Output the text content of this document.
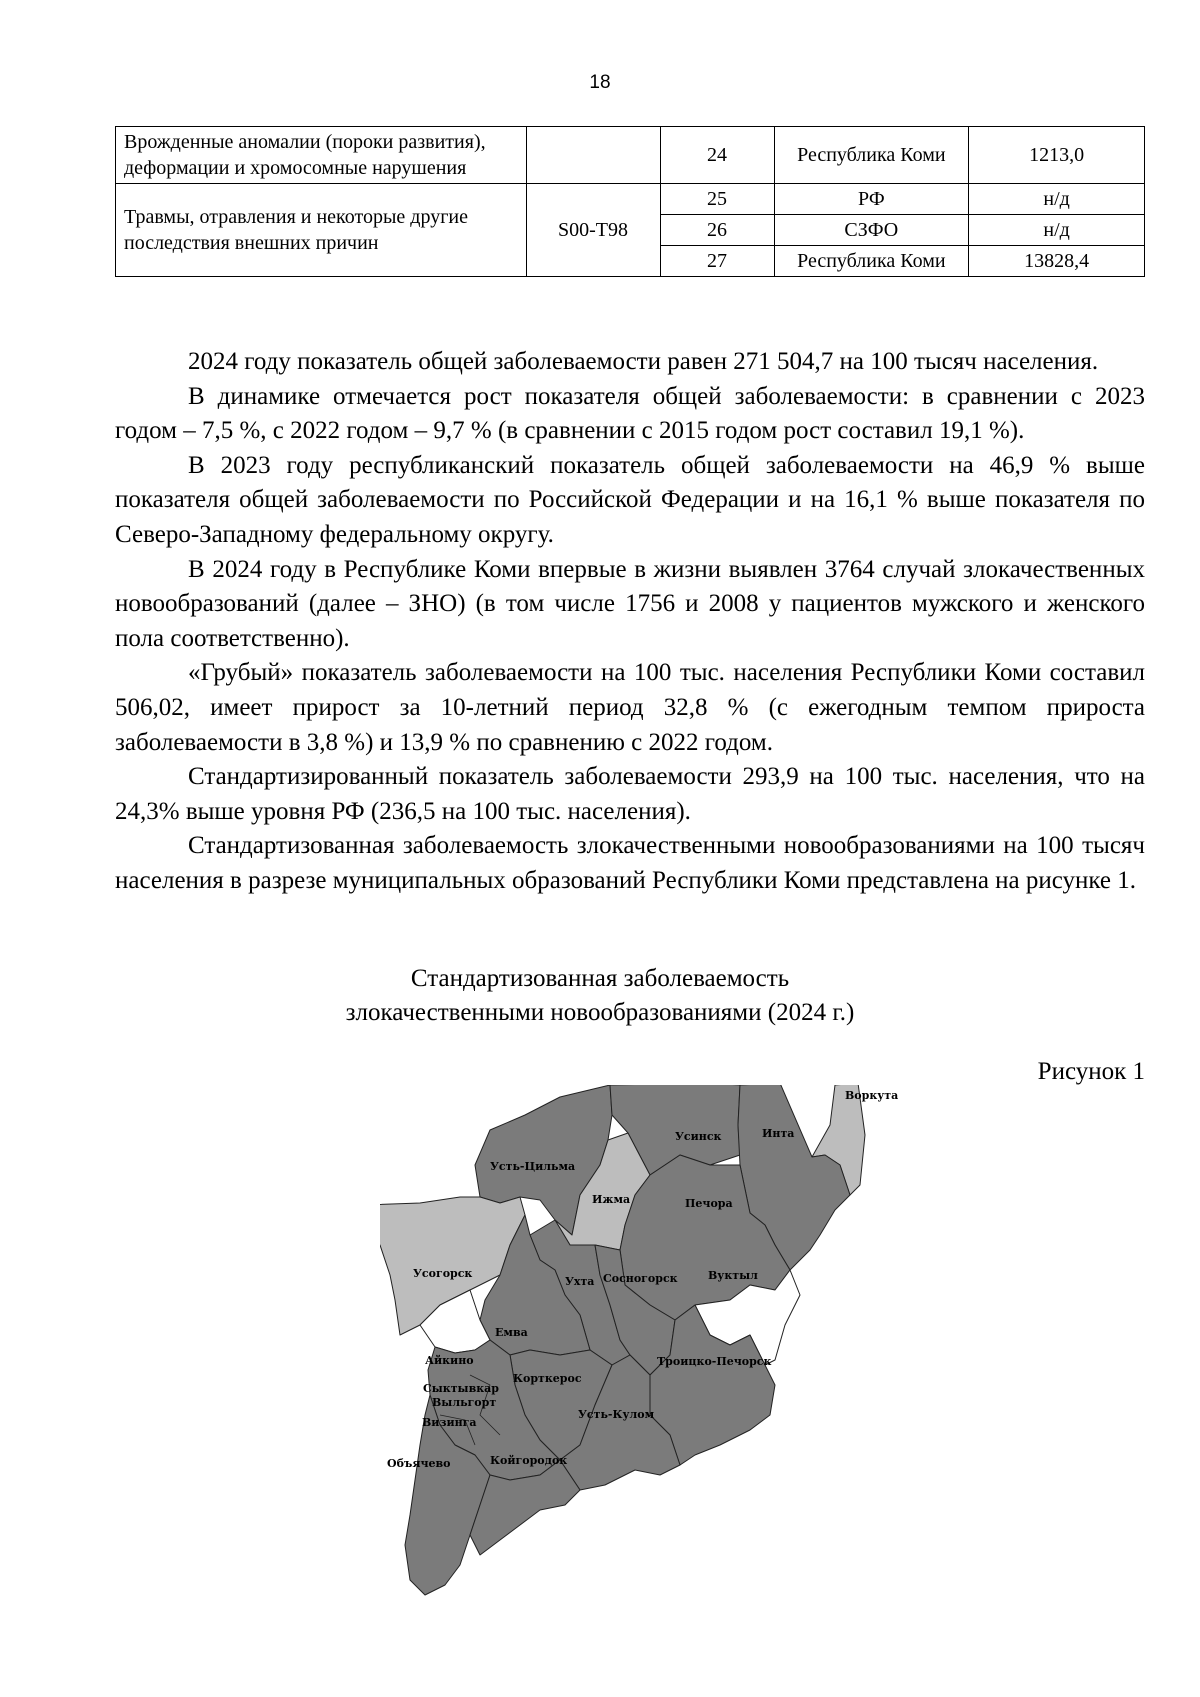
18
Врожденные аномалии (пороки развития), деформации и хромосомные нарушения		24	Республика Коми	1213,0
Травмы, отравления и некоторые другие последствия внешних причин	S00-T98	25	РФ	н/д
		26	СЗФО	н/д
		27	Республика Коми	13828,4

2024 году показатель общей заболеваемости равен 271 504,7 на 100 тысяч населения.

В динамике отмечается рост показателя общей заболеваемости: в сравнении с 2023 годом – 7,5 %, с 2022 годом – 9,7 % (в сравнении с 2015 годом рост составил 19,1 %).

В 2023 году республиканский показатель общей заболеваемости на 46,9 % выше показателя общей заболеваемости по Российской Федерации и на 16,1 % выше показателя по Северо-Западному федеральному округу.

В 2024 году в Республике Коми впервые в жизни выявлен 3764 случай злокачественных новообразований (далее – ЗНО) (в том числе 1756 и 2008 у пациентов мужского и женского пола соответственно).

«Грубый» показатель заболеваемости на 100 тыс. населения Республики Коми составил 506,02, имеет прирост за 10-летний период 32,8 % (с ежегодным темпом прироста заболеваемости в 3,8 %) и 13,9 % по сравнению с 2022 годом.

Стандартизированный показатель заболеваемости 293,9 на 100 тыс. населения, что на 24,3% выше уровня РФ (236,5 на 100 тыс. населения).

Стандартизованная заболеваемость злокачественными новообразованиями на 100 тысяч населения в разрезе муниципальных образований Республики Коми представлена на рисунке 1.

Стандартизованная заболеваемость
злокачественными новообразованиями (2024 г.)
Рисунок 1
Воркута
Усинск	Инта
Усть-Цильма
Ижма	Печора
Усогорск
Ухта Сосногорск	Вуктыл
Емва
Айкино	Троицко-Печорск
Сыктывкар
Выльгорт
Корткерос
Визинга
Усть-Кулом
Объячево	Койгородок
